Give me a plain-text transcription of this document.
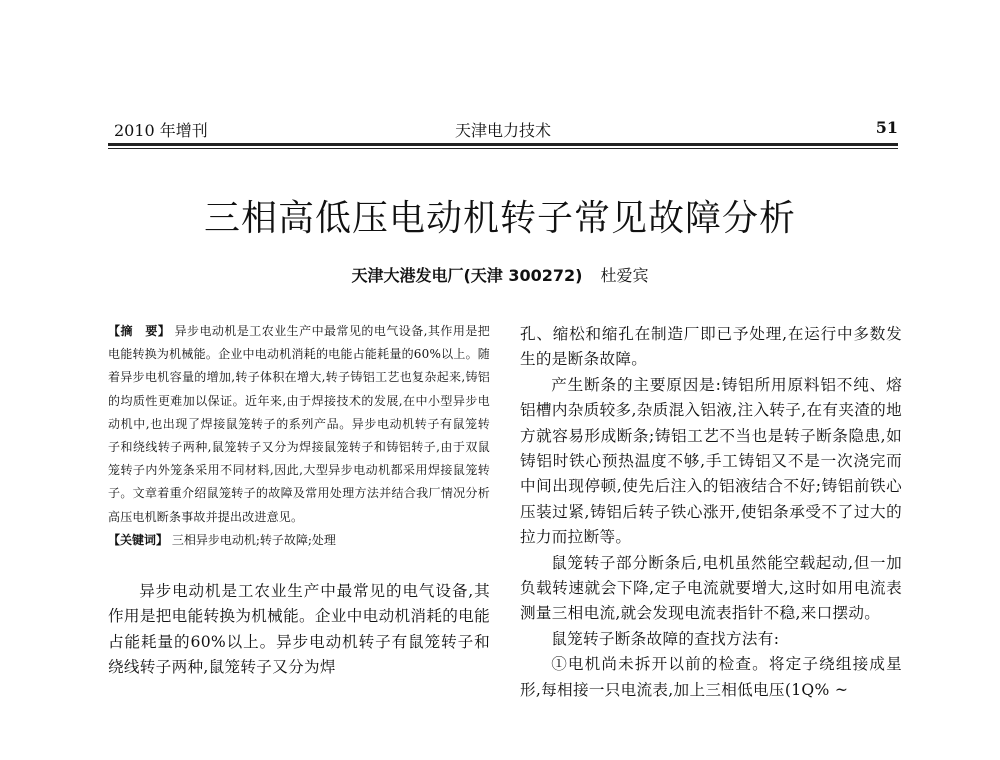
2010 年增刊	天津电力技术	51
三相高低压电动机转子常见故障分析
天津大港发电厂(天津 300272) 杜爱宾

【摘　要】 异步电动机是工农业生产中最常见的电气设备,其作用是把电能转换为机械能。企业中电动机消耗的电能占能耗量的60%以上。随着异步电机容量的增加,转子体积在增大,转子铸铝工艺也复杂起来,铸铝的均质性更难加以保证。近年来,由于焊接技术的发展,在中小型异步电动机中,也出现了焊接鼠笼转子的系列产品。异步电动机转子有鼠笼转子和绕线转子两种,鼠笼转子又分为焊接鼠笼转子和铸铝转子,由于双鼠笼转子内外笼条采用不同材料,因此,大型异步电动机都采用焊接鼠笼转子。文章着重介绍鼠笼转子的故障及常用处理方法并结合我厂情况分析高压电机断条事故并提出改进意见。

【关键词】 三相异步电动机;转子故障;处理

异步电动机是工农业生产中最常见的电气设备,其作用是把电能转换为机械能。企业中电动机消耗的电能占能耗量的60%以上。异步电动机转子有鼠笼转子和绕线转子两种,鼠笼转子又分为焊

孔、缩松和缩孔在制造厂即已予处理,在运行中多数发生的是断条故障。

产生断条的主要原因是:铸铝所用原料铝不纯、熔铝槽内杂质较多,杂质混入铝液,注入转子,在有夹渣的地方就容易形成断条;铸铝工艺不当也是转子断条隐患,如铸铝时铁心预热温度不够,手工铸铝又不是一次浇完而中间出现停顿,使先后注入的铝液结合不好;铸铝前铁心压装过紧,铸铝后转子铁心涨开,使铝条承受不了过大的拉力而拉断等。

鼠笼转子部分断条后,电机虽然能空载起动,但一加负载转速就会下降,定子电流就要增大,这时如用电流表测量三相电流,就会发现电流表指针不稳,来口摆动。

鼠笼转子断条故障的查找方法有:

①电机尚未拆开以前的检查。将定子绕组接成星形,每相接一只电流表,加上三相低电压(1Q% ~
